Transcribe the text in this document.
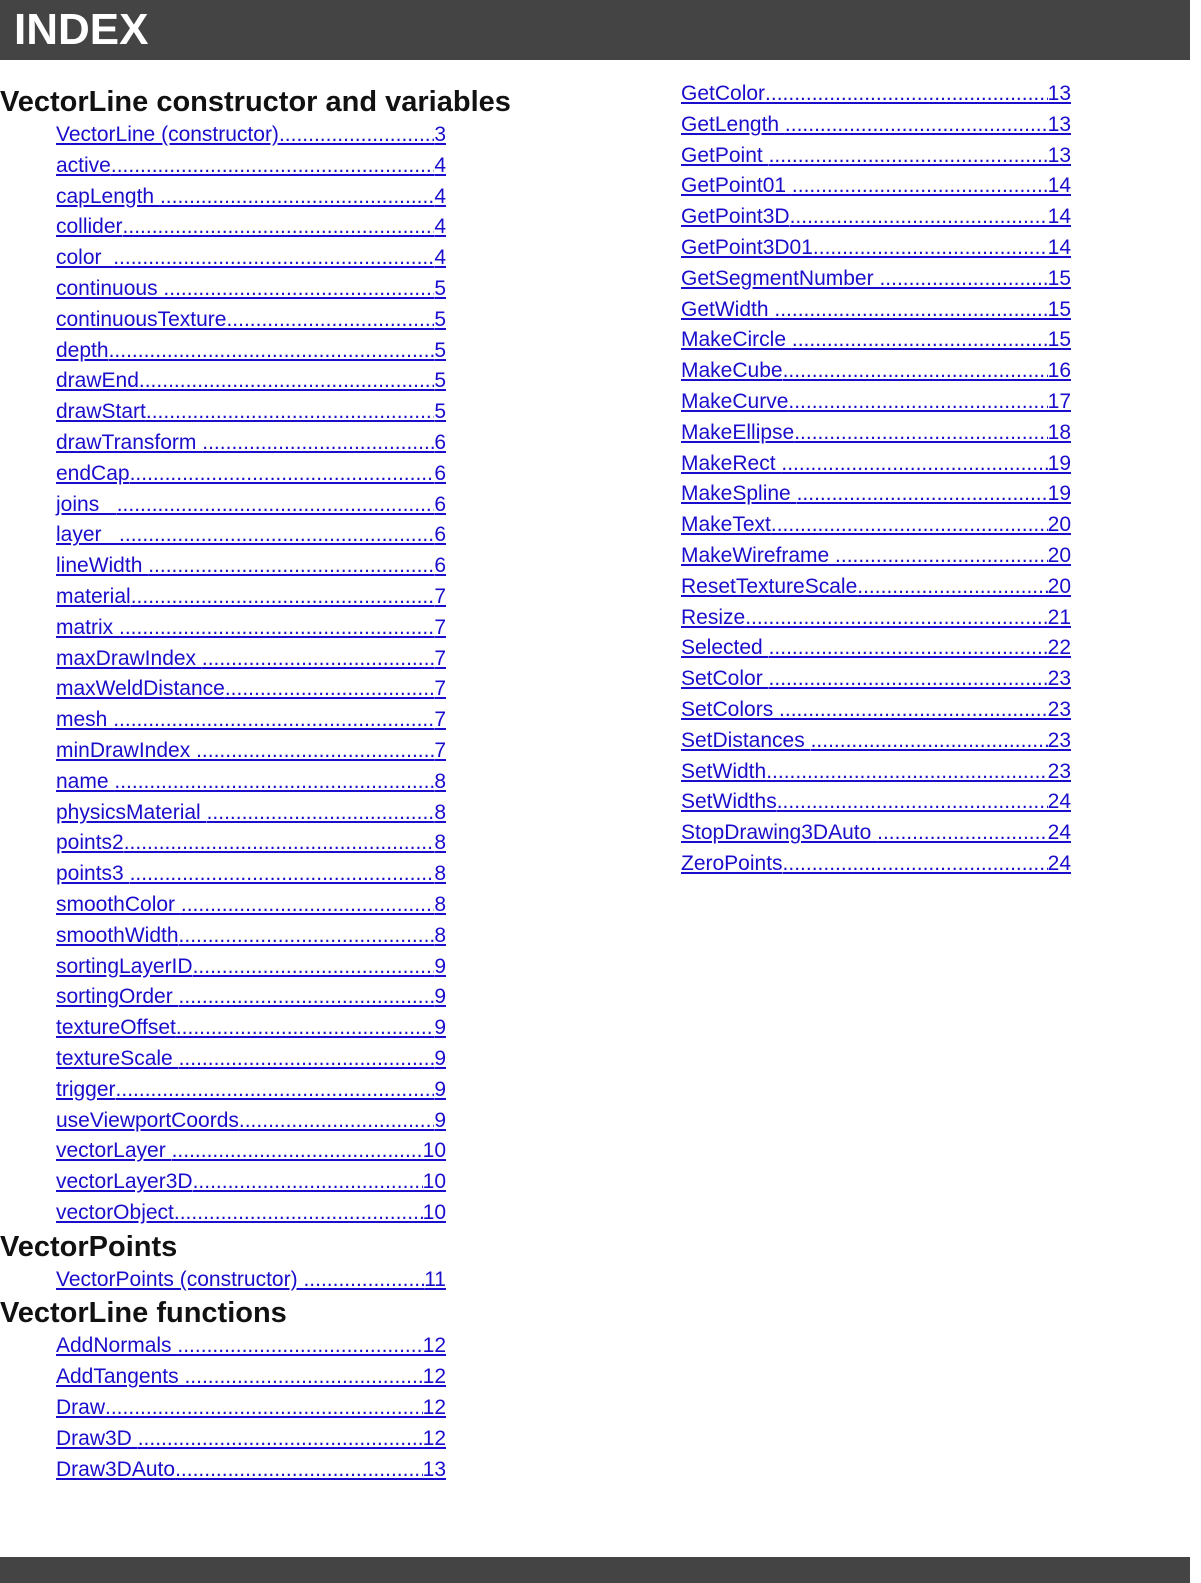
INDEX
VectorLine constructor and variables
VectorLine (constructor) .....	3
active .....	4
capLength .....	4
collider .....	4
color .....	4
continuous .....	5
continuousTexture .....	5
depth .....	5
drawEnd .....	5
drawStart .....	5
drawTransform .....	6
endCap .....	6
joins .....	6
layer .....	6
lineWidth .....	6
material .....	7
matrix .....	7
maxDrawIndex .....	7
maxWeldDistance .....	7
mesh .....	7
minDrawIndex .....	7
name .....	8
physicsMaterial .....	8
points2 .....	8
points3 .....	8
smoothColor .....	8
smoothWidth .....	8
sortingLayerID .....	9
sortingOrder .....	9
textureOffset .....	9
textureScale .....	9
trigger .....	9
useViewportCoords .....	9
vectorLayer .....	10
vectorLayer3D .....	10
vectorObject .....	10
VectorPoints
VectorPoints (constructor) .....	11
VectorLine functions
AddNormals .....	12
AddTangents .....	12
Draw .....	12
Draw3D .....	12
Draw3DAuto .....	13
GetColor .....	13
GetLength .....	13
GetPoint .....	13
GetPoint01 .....	14
GetPoint3D .....	14
GetPoint3D01 .....	14
GetSegmentNumber .....	15
GetWidth .....	15
MakeCircle .....	15
MakeCube .....	16
MakeCurve .....	17
MakeEllipse .....	18
MakeRect .....	19
MakeSpline .....	19
MakeText .....	20
MakeWireframe .....	20
ResetTextureScale .....	20
Resize .....	21
Selected .....	22
SetColor .....	23
SetColors .....	23
SetDistances .....	23
SetWidth .....	23
SetWidths .....	24
StopDrawing3DAuto .....	24
ZeroPoints .....	24
